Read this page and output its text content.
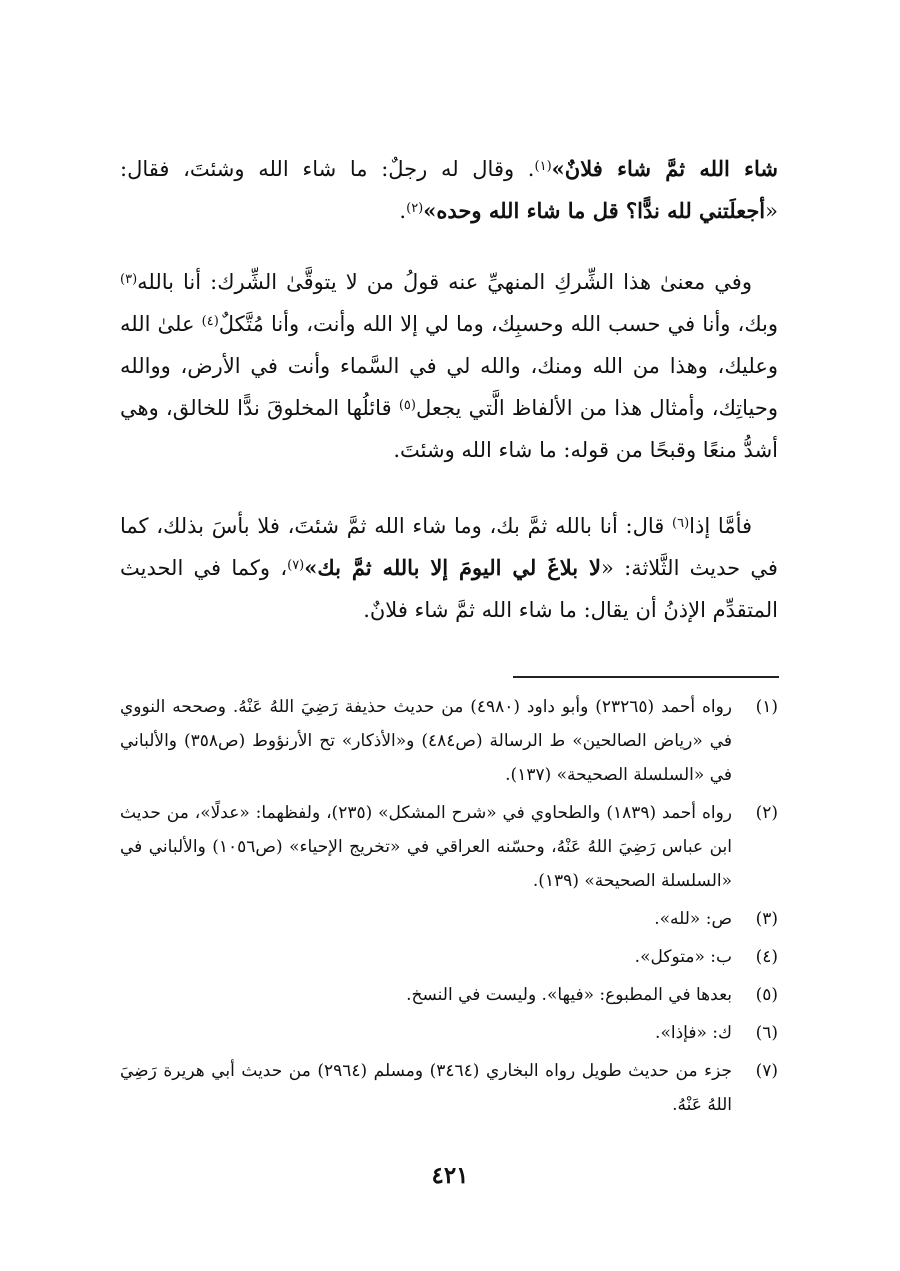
شاء الله ثمَّ شاء فلانٌ»$^{(١)}$. وقال له رجلٌ: ما شاء الله وشئتَ، فقال: «أجعلَتني لله ندًّا؟ قل ما شاء الله وحده»$^{(٢)}$.

وفي معنىٰ هذا الشِّركِ المنهيِّ عنه قولُ من لا يتوقَّىٰ الشِّرك: أنا بالله$^{(٣)}$ وبك، وأنا في حسب الله وحسبِك، وما لي إلا الله وأنت، وأنا مُتَّكلٌ$^{(٤)}$ علىٰ الله وعليك، وهذا من الله ومنك، والله لي في السَّماء وأنت في الأرض، ووالله وحياتِك، وأمثال هذا من الألفاظ الَّتي يجعل$^{(٥)}$ قائلُها المخلوقَ ندًّا للخالق، وهي أشدُّ منعًا وقبحًا من قوله: ما شاء الله وشئتَ.

فأمَّا إذا$^{(٦)}$ قال: أنا بالله ثمَّ بك، وما شاء الله ثمَّ شئتَ، فلا بأسَ بذلك، كما في حديث الثَّلاثة: «لا بلاغَ لي اليومَ إلا بالله ثمَّ بك»$^{(٧)}$، وكما في الحديث المتقدِّم الإذنُ أن يقال: ما شاء الله ثمَّ شاء فلانٌ.

(١)
رواه أحمد (٢٣٢٦٥) وأبو داود (٤٩٨٠) من حديث حذيفة رَضِيَ اللهُ عَنْهُ. وصححه النووي في «رياض الصالحين» ط الرسالة (ص٤٨٤) و«الأذكار» تح الأرنؤوط (ص٣٥٨) والألباني في «السلسلة الصحيحة» (١٣٧).
(٢)
رواه أحمد (١٨٣٩) والطحاوي في «شرح المشكل» (٢٣٥)، ولفظهما: «عدلًا»، من حديث ابن عباس رَضِيَ اللهُ عَنْهُ، وحسّنه العراقي في «تخريج الإحياء» (ص١٠٥٦) والألباني في «السلسلة الصحيحة» (١٣٩).
(٣)
ص: «لله».
(٤)
ب: «متوكل».
(٥)
بعدها في المطبوع: «فيها». وليست في النسخ.
(٦)
ك: «فإذا».
(٧)
جزء من حديث طويل رواه البخاري (٣٤٦٤) ومسلم (٢٩٦٤) من حديث أبي هريرة رَضِيَ اللهُ عَنْهُ.
٤٢١
